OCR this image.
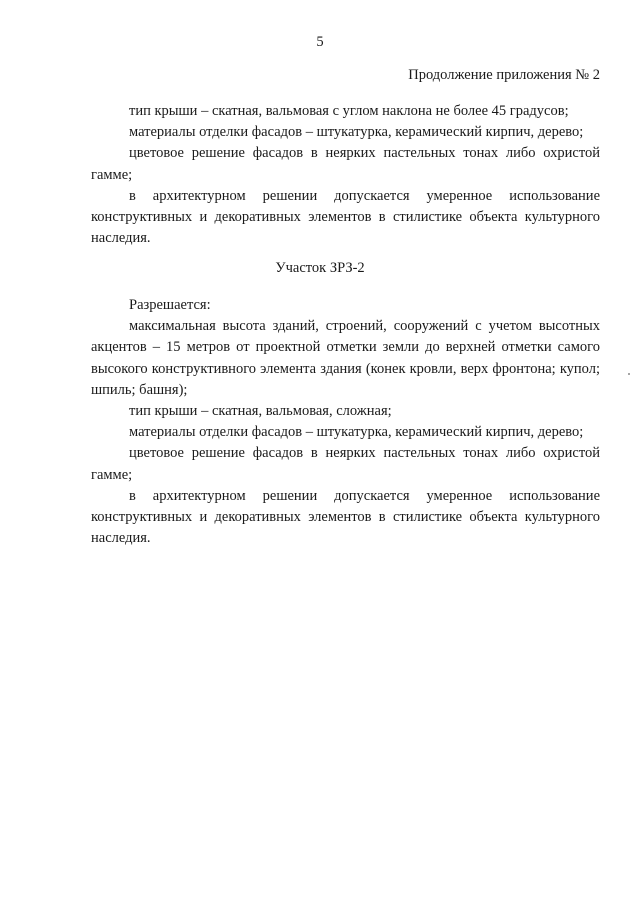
5
Продолжение приложения № 2

тип крыши – скатная, вальмовая с углом наклона не более 45 градусов;

материалы отделки фасадов – штукатурка, керамический кирпич, дерево;

цветовое решение фасадов в неярких пастельных тонах либо охристой гамме;

в архитектурном решении допускается умеренное использование конструктивных и декоративных элементов в стилистике объекта культурного наследия.

Участок ЗРЗ-2

Разрешается:

максимальная высота зданий, строений, сооружений с учетом высотных акцентов – 15 метров от проектной отметки земли до верхней отметки самого высокого конструктивного элемента здания (конек кровли, верх фронтона; купол; шпиль; башня);

тип крыши – скатная, вальмовая, сложная;

материалы отделки фасадов – штукатурка, керамический кирпич, дерево;

цветовое решение фасадов в неярких пастельных тонах либо охристой гамме;

в архитектурном решении допускается умеренное использование конструктивных и декоративных элементов в стилистике объекта культурного наследия.
